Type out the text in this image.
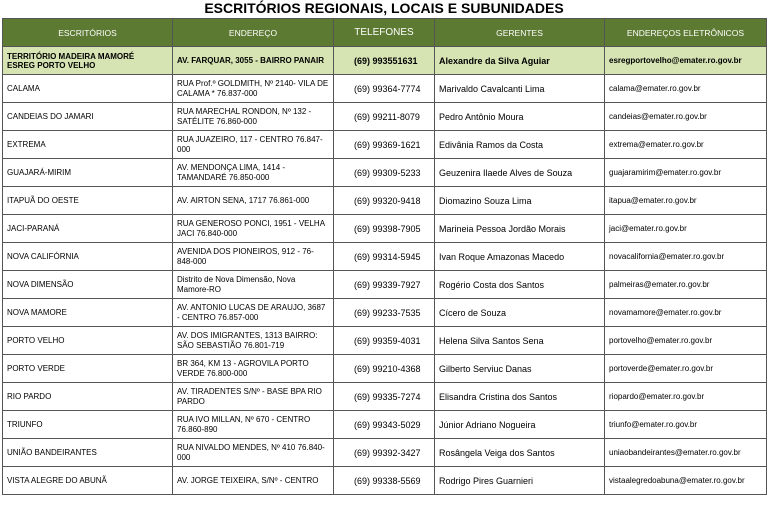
ESCRITÓRIOS REGIONAIS, LOCAIS E SUBUNIDADES
ESCRITÓRIOS	ENDEREÇO	TELEFONES	GERENTES	ENDEREÇOS ELETRÔNICOS
TERRITÓRIO MADEIRA MAMORÉ
ESREG PORTO VELHO	AV. FARQUAR, 3055 - BAIRRO PANAIR	(69) 993551631	Alexandre da Silva Aguiar	esregportovelho@emater.ro.gov.br
CALAMA	RUA Prof.º GOLDMITH, Nº 2140- VILA DE CALAMA * 76.837-000	(69) 99364-7774	Marivaldo Cavalcanti Lima	calama@emater.ro.gov.br
CANDEIAS DO JAMARI	RUA MARECHAL RONDON, Nº 132 - SATÉLITE 76.860-000	(69) 99211-8079	Pedro Antônio Moura	candeias@emater.ro.gov.br
EXTREMA	RUA JUAZEIRO, 117 - CENTRO 76.847-000	(69) 99369-1621	Edivânia Ramos da Costa	extrema@emater.ro.gov.br
GUAJARÁ-MIRIM	AV. MENDONÇA LIMA, 1414 - TAMANDARÉ 76.850-000	(69) 99309-5233	Geuzenira Ilaede Alves de Souza	guajaramirim@emater.ro.gov.br
ITAPUÃ DO OESTE	AV. AIRTON SENA, 1717 76.861-000	(69) 99320-9418	Diomazino Souza Lima	itapua@emater.ro.gov.br
JACI-PARANÁ	RUA GENEROSO PONCI, 1951 - VELHA JACI 76.840-000	(69) 99398-7905	Marineia Pessoa Jordão Morais	jaci@emater.ro.gov.br
NOVA CALIFÓRNIA	AVENIDA DOS PIONEIROS, 912 - 76-848-000	(69) 99314-5945	Ivan Roque Amazonas Macedo	novacalifornia@emater.ro.gov.br
NOVA DIMENSÃO	Distrito de Nova Dimensão, Nova Mamore-RO	(69) 99339-7927	Rogério Costa dos Santos	palmeiras@emater.ro.gov.br
NOVA MAMORE	AV. ANTONIO LUCAS DE ARAUJO, 3687 - CENTRO 76.857-000	(69) 99233-7535	Cícero de Souza	novamamore@emater.ro.gov.br
PORTO VELHO	AV. DOS IMIGRANTES, 1313 BAIRRO: SÃO SEBASTIÃO 76.801-719	(69) 99359-4031	Helena Silva Santos Sena	portovelho@emater.ro.gov.br
PORTO VERDE	BR 364, KM 13 - AGROVILA PORTO VERDE 76.800-000	(69) 99210-4368	Gilberto Serviuc Danas	portoverde@emater.ro.gov.br
RIO PARDO	AV. TIRADENTES S/Nº - BASE BPA RIO PARDO	(69) 99335-7274	Elisandra Cristina dos Santos	riopardo@emater.ro.gov.br
TRIUNFO	RUA IVO MILLAN, Nº 670 - CENTRO 76.860-890	(69) 99343-5029	Júnior Adriano Nogueira	triunfo@emater.ro.gov.br
UNIÃO BANDEIRANTES	RUA NIVALDO MENDES, Nº 410 76.840-000	(69) 99392-3427	Rosângela Veiga dos Santos	uniaobandeirantes@emater.ro.gov.br
VISTA ALEGRE DO ABUNÃ	AV. JORGE TEIXEIRA, S/Nº - CENTRO	(69) 99338-5569	Rodrigo Pires Guarnieri	vistaalegredoabuna@emater.ro.gov.br
